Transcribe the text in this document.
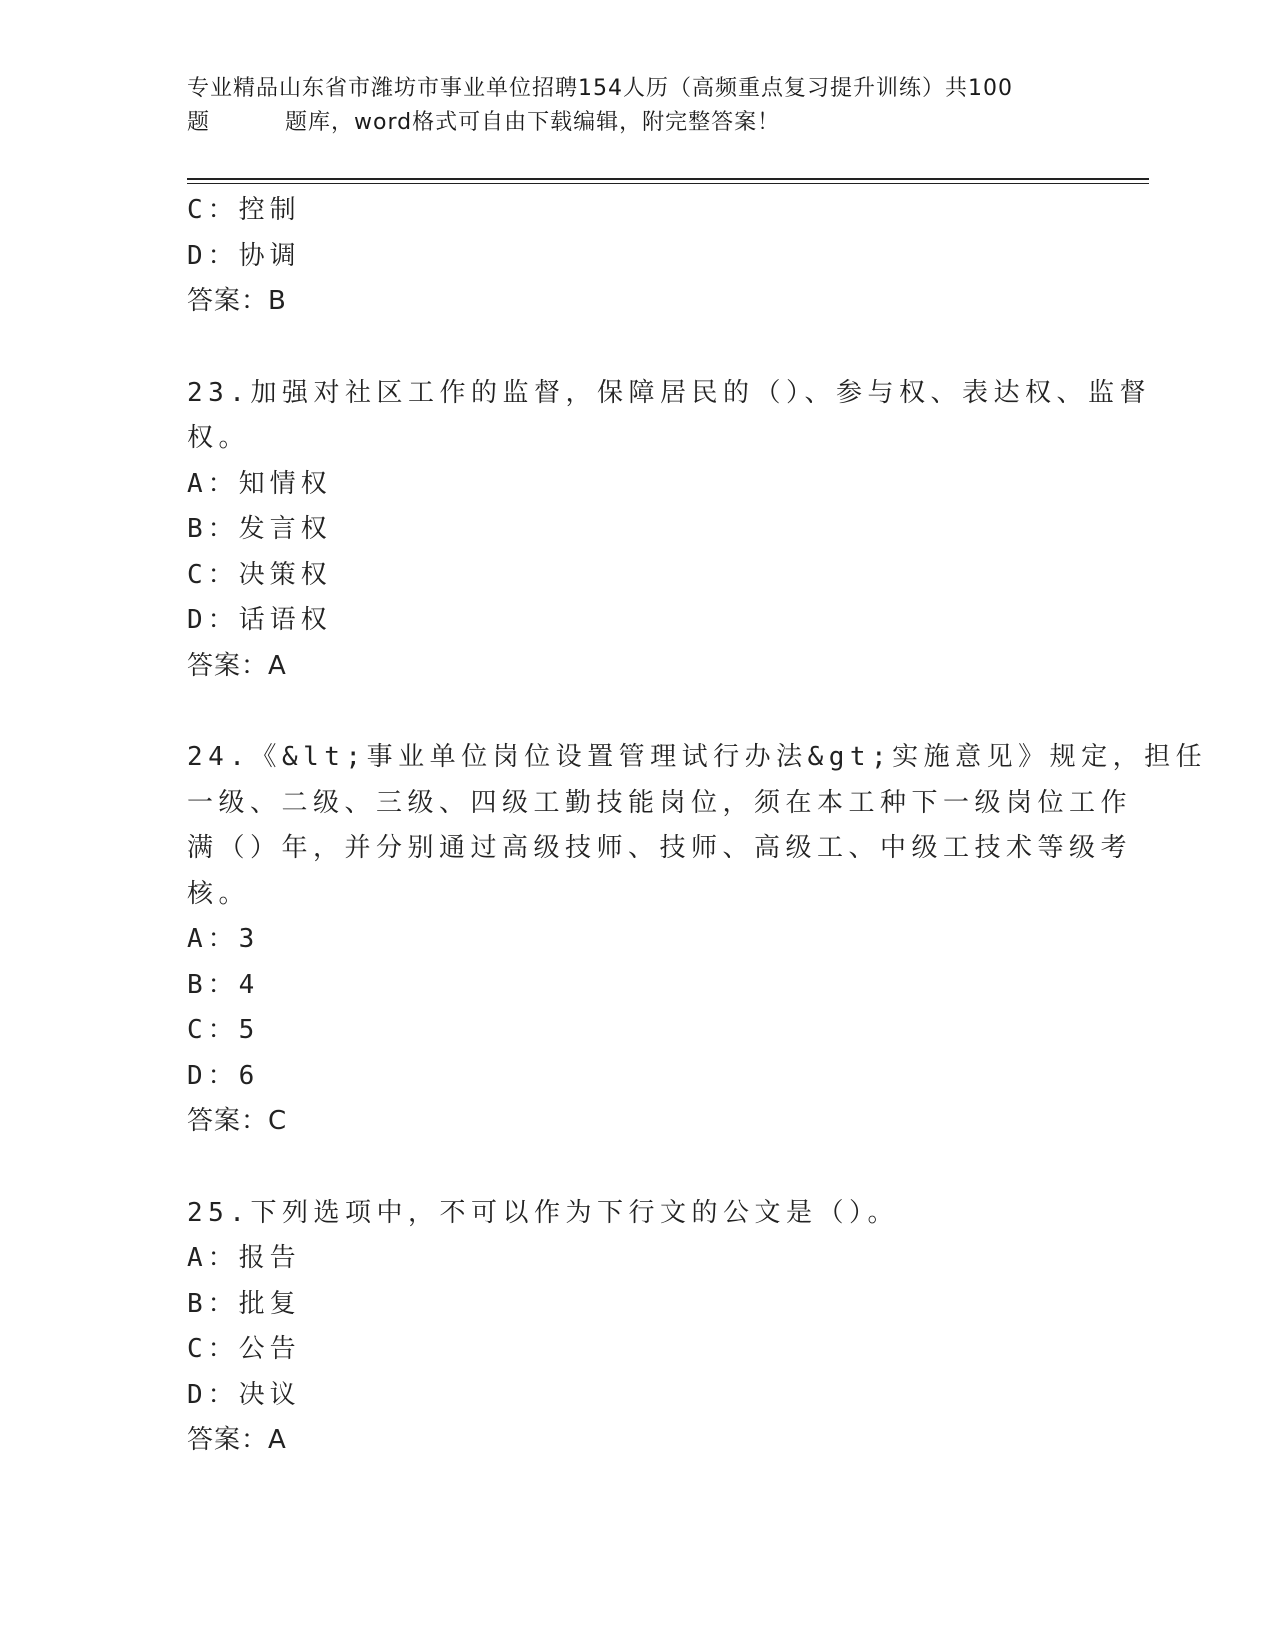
专业精品山东省市潍坊市事业单位招聘154人历（高频重点复习提升训练）共100
题	题库，word格式可自由下载编辑，附完整答案！
C：控制
D：协调
答案：B
23.加强对社区工作的监督，保障居民的（）、参与权、表达权、监督
权。
A：知情权
B：发言权
C：决策权
D：话语权
答案：A
24.《&lt;事业单位岗位设置管理试行办法&gt;实施意见》规定，担任
一级、二级、三级、四级工勤技能岗位，须在本工种下一级岗位工作
满（）年，并分别通过高级技师、技师、高级工、中级工技术等级考
核。
A：3
B：4
C：5
D：6
答案：C
25.下列选项中，不可以作为下行文的公文是（）。
A：报告
B：批复
C：公告
D：决议
答案：A
